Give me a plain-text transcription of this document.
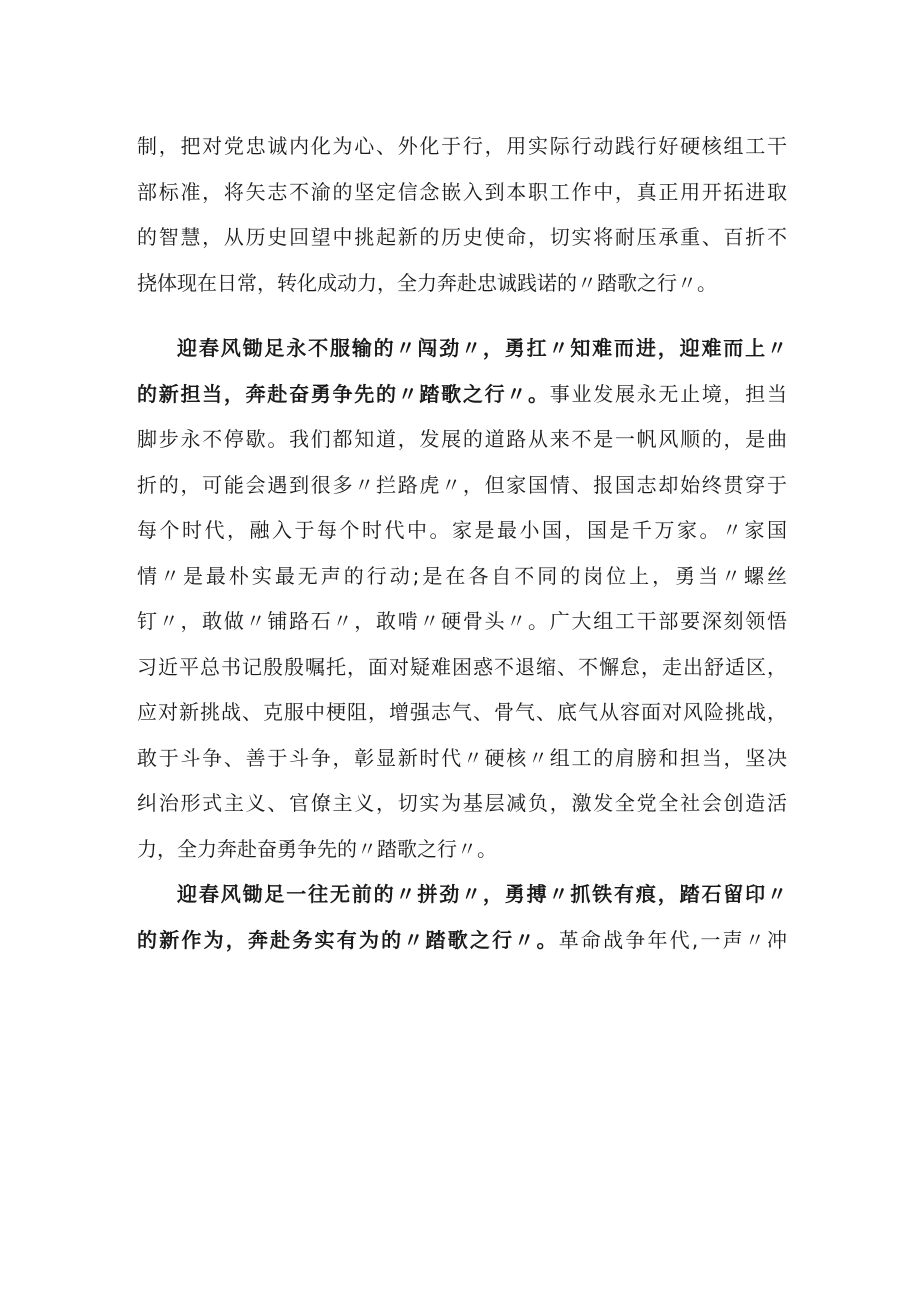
制，把对党忠诚内化为心、外化于行，用实际行动践行好硬核组工干
部标准，将矢志不渝的坚定信念嵌入到本职工作中，真正用开拓进取
的智慧，从历史回望中挑起新的历史使命，切实将耐压承重、百折不
挠体现在日常，转化成动力，全力奔赴忠诚践诺的〃踏歌之行〃。
迎春风锄足永不服输的〃闯劲〃，勇扛〃知难而进，迎难而上〃
的新担当，奔赴奋勇争先的〃踏歌之行〃。事业发展永无止境，担当
脚步永不停歇。我们都知道，发展的道路从来不是一帆风顺的，是曲
折的，可能会遇到很多〃拦路虎〃，但家国情、报国志却始终贯穿于
每个时代，融入于每个时代中。家是最小国，国是千万家。〃家国
情〃是最朴实最无声的行动;是在各自不同的岗位上，勇当〃螺丝
钉〃，敢做〃铺路石〃，敢啃〃硬骨头〃。广大组工干部要深刻领悟
习近平总书记殷殷嘱托，面对疑难困惑不退缩、不懈怠，走出舒适区，
应对新挑战、克服中梗阻，增强志气、骨气、底气从容面对风险挑战，
敢于斗争、善于斗争，彰显新时代〃硬核〃组工的肩膀和担当，坚决
纠治形式主义、官僚主义，切实为基层减负，激发全党全社会创造活
力，全力奔赴奋勇争先的〃踏歌之行〃。
迎春风锄足一往无前的〃拼劲〃，勇搏〃抓铁有痕，踏石留印〃
的新作为，奔赴务实有为的〃踏歌之行〃。革命战争年代,一声〃冲
